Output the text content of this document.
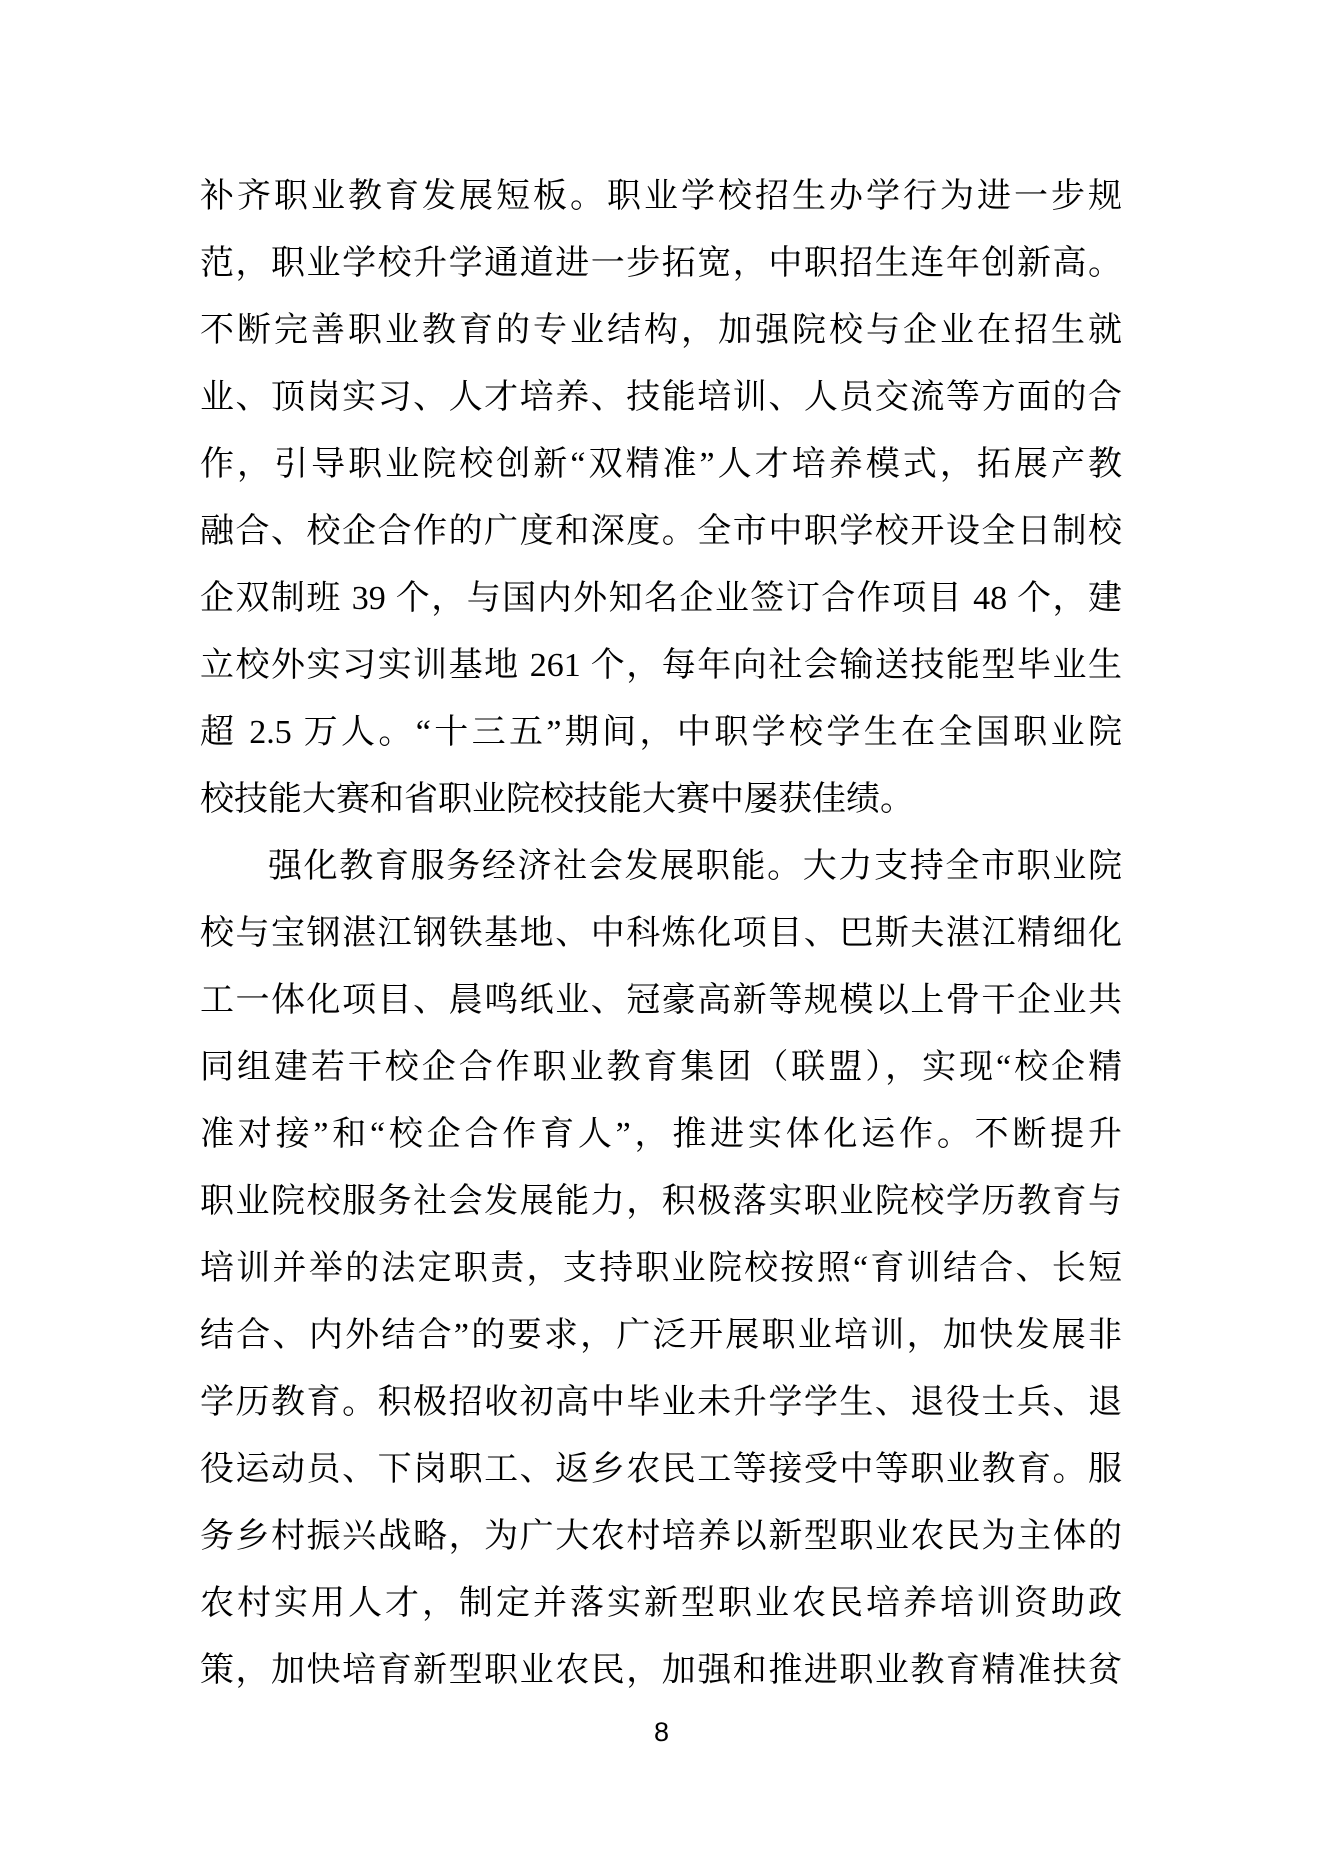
补齐职业教育发展短板。职业学校招生办学行为进一步规
范，职业学校升学通道进一步拓宽，中职招生连年创新高。
不断完善职业教育的专业结构，加强院校与企业在招生就
业、顶岗实习、人才培养、技能培训、人员交流等方面的合
作，引导职业院校创新“双精准”人才培养模式，拓展产教
融合、校企合作的广度和深度。全市中职学校开设全日制校
企双制班 39 个，与国内外知名企业签订合作项目 48 个，建
立校外实习实训基地 261 个，每年向社会输送技能型毕业生
超 2.5 万人。“十三五”期间，中职学校学生在全国职业院
校技能大赛和省职业院校技能大赛中屡获佳绩。
强化教育服务经济社会发展职能。大力支持全市职业院
校与宝钢湛江钢铁基地、中科炼化项目、巴斯夫湛江精细化
工一体化项目、晨鸣纸业、冠豪高新等规模以上骨干企业共
同组建若干校企合作职业教育集团（联盟），实现“校企精
准对接”和“校企合作育人”，推进实体化运作。不断提升
职业院校服务社会发展能力，积极落实职业院校学历教育与
培训并举的法定职责，支持职业院校按照“育训结合、长短
结合、内外结合”的要求，广泛开展职业培训，加快发展非
学历教育。积极招收初高中毕业未升学学生、退役士兵、退
役运动员、下岗职工、返乡农民工等接受中等职业教育。服
务乡村振兴战略，为广大农村培养以新型职业农民为主体的
农村实用人才，制定并落实新型职业农民培养培训资助政
策，加快培育新型职业农民，加强和推进职业教育精准扶贫
8
